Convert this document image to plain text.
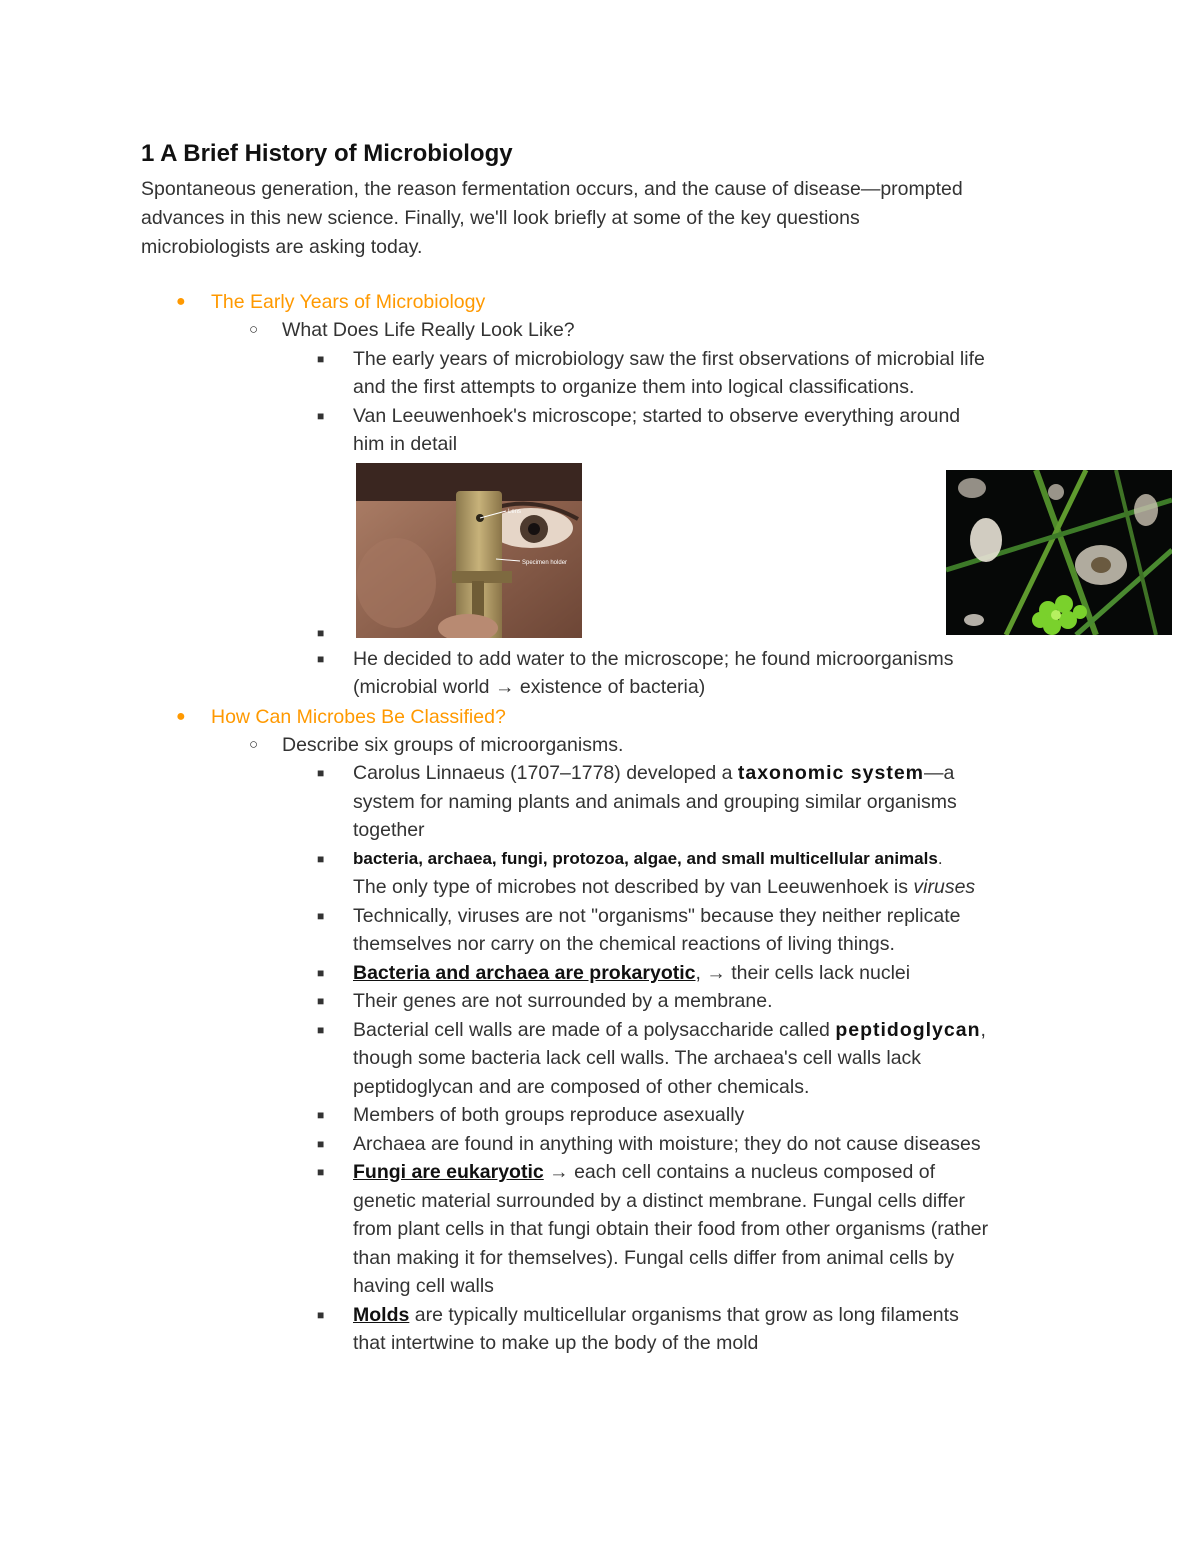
1 A Brief History of Microbiology
Spontaneous generation, the reason fermentation occurs, and the cause of disease—prompted
advances in this new science. Finally, we'll look briefly at some of the key questions
microbiologists are asking today.
● The Early Years of Microbiology
○ What Does Life Really Look Like?
■ The early years of microbiology saw the first observations of microbial life
and the first attempts to organize them into logical classifications.
■ Van Leeuwenhoek's microscope; started to observe everything around
him in detail
Lens
Specimen holder
■
■ He decided to add water to the microscope; he found microorganisms
(microbial world → existence of bacteria)
● How Can Microbes Be Classified?
○ Describe six groups of microorganisms.
■ Carolus Linnaeus (1707–1778) developed a taxonomic system—a
system for naming plants and animals and grouping similar organisms
together
■ bacteria, archaea, fungi, protozoa, algae, and small multicellular animals.
The only type of microbes not described by van Leeuwenhoek is viruses
■ Technically, viruses are not "organisms" because they neither replicate
themselves nor carry on the chemical reactions of living things.
■ Bacteria and archaea are prokaryotic, → their cells lack nuclei
■ Their genes are not surrounded by a membrane.
■ Bacterial cell walls are made of a polysaccharide called peptidoglycan,
though some bacteria lack cell walls. The archaea's cell walls lack
peptidoglycan and are composed of other chemicals.
■ Members of both groups reproduce asexually
■ Archaea are found in anything with moisture; they do not cause diseases
■ Fungi are eukaryotic → each cell contains a nucleus composed of
genetic material surrounded by a distinct membrane. Fungal cells differ
from plant cells in that fungi obtain their food from other organisms (rather
than making it for themselves). Fungal cells differ from animal cells by
having cell walls
■ Molds are typically multicellular organisms that grow as long filaments
that intertwine to make up the body of the mold
